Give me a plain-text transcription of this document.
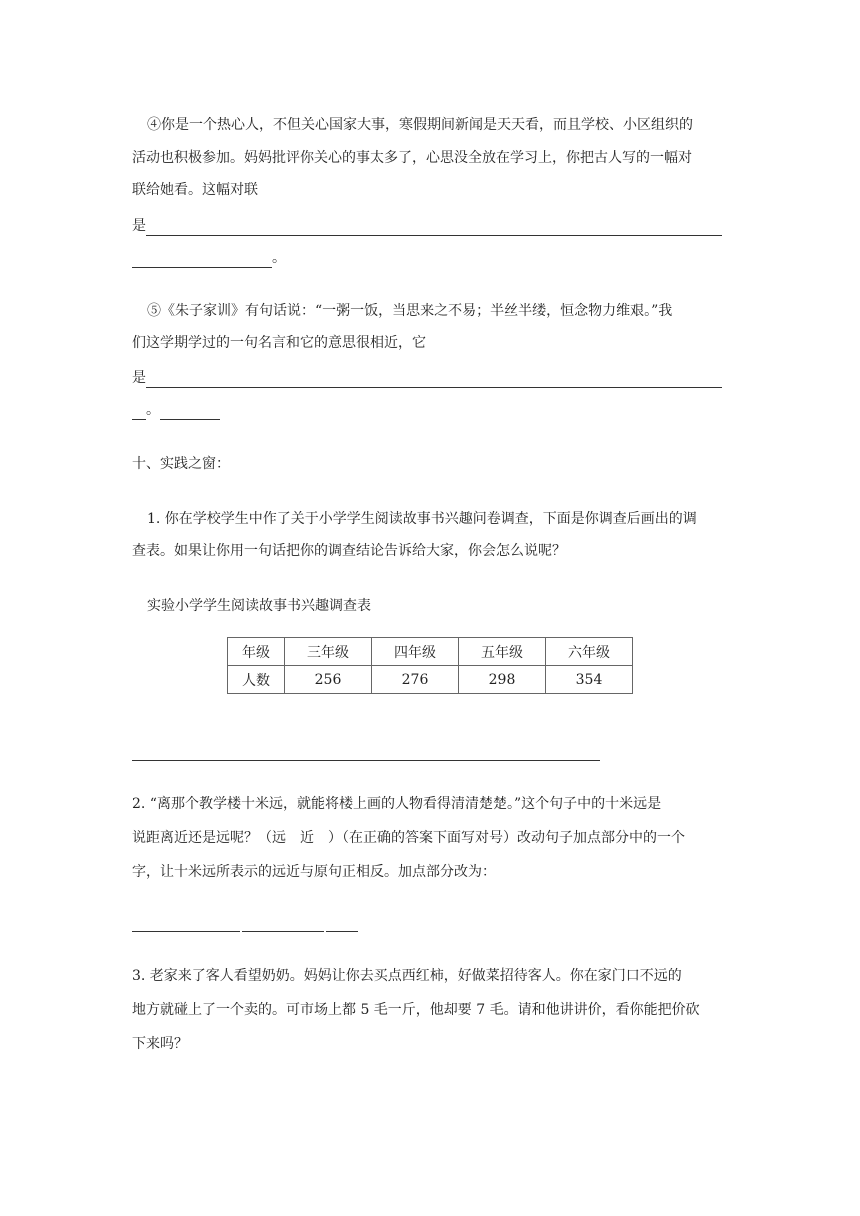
④你是一个热心人，不但关心国家大事，寒假期间新闻是天天看，而且学校、小区组织的
活动也积极参加。妈妈批评你关心的事太多了，心思没全放在学习上，你把古人写的一幅对
联给她看。这幅对联
是
。
⑤《朱子家训》有句话说：“一粥一饭，当思来之不易；半丝半缕，恒念物力维艰。”我
们这学期学过的一句名言和它的意思很相近，它
是
。
十、实践之窗：
1. 你在学校学生中作了关于小学学生阅读故事书兴趣问卷调查，下面是你调查后画出的调
查表。如果让你用一句话把你的调查结论告诉给大家，你会怎么说呢？
实验小学学生阅读故事书兴趣调查表
年级	三年级	四年级	五年级	六年级
人数	256	276	298	354
2. “离那个教学楼十米远，就能将楼上画的人物看得清清楚楚。”这个句子中的十米远是
说距离近还是远呢？（远　近　）（在正确的答案下面写对号）改动句子加点部分中的一个
字，让十米远所表示的远近与原句正相反。加点部分改为：
3. 老家来了客人看望奶奶。妈妈让你去买点西红柿，好做菜招待客人。你在家门口不远的
地方就碰上了一个卖的。可市场上都 5 毛一斤，他却要 7 毛。请和他讲讲价，看你能把价砍
下来吗？
